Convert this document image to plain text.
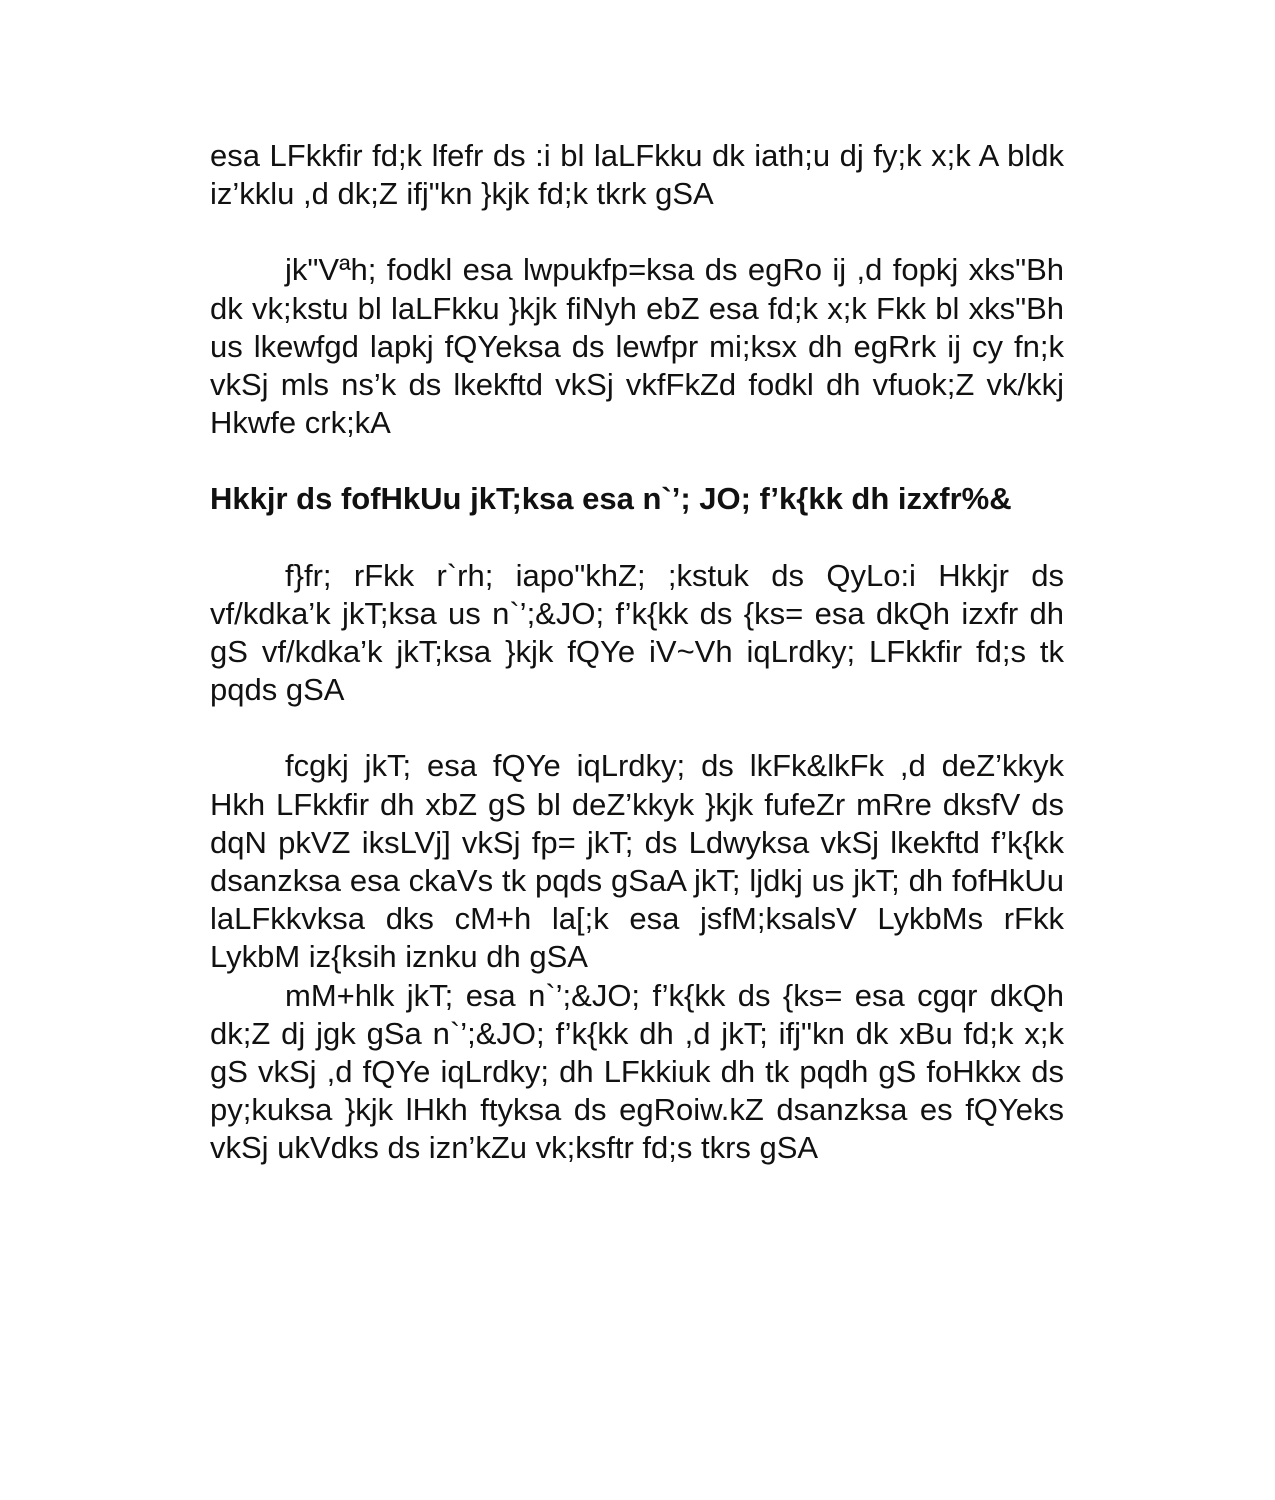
esa LFkkfir fd;k lfefr ds :i bl laLFkku dk iath;u dj fy;k x;k A bldk iz’kklu ,d dk;Z ifj"kn }kjk fd;k tkrk gSA

jk"Vªh; fodkl esa lwpukfp=ksa ds egRo ij ,d fopkj xks"Bh dk vk;kstu bl laLFkku }kjk fiNyh ebZ esa fd;k x;k Fkk bl xks"Bh us lkewfgd lapkj fQYeksa ds lewfpr mi;ksx dh egRrk ij cy fn;k vkSj mls ns’k ds lkekftd vkSj vkfFkZd fodkl dh vfuok;Z vk/kkj Hkwfe crk;kA

Hkkjr ds fofHkUu jkT;ksa esa n`’; JO; f’k{kk dh izxfr%&

f}fr; rFkk r`rh; iapo"khZ; ;kstuk ds QyLo:i Hkkjr ds vf/kdka’k jkT;ksa us n`’;&JO; f’k{kk ds {ks= esa dkQh izxfr dh gS vf/kdka’k jkT;ksa }kjk fQYe iV~Vh iqLrdky; LFkkfir fd;s tk pqds gSA

fcgkj jkT; esa fQYe iqLrdky; ds lkFk&lkFk ,d deZ’kkyk Hkh LFkkfir dh xbZ gS bl deZ’kkyk }kjk fufeZr mRre dksfV ds dqN pkVZ iksLVj] vkSj fp= jkT; ds Ldwyksa vkSj lkekftd f’k{kk dsanzksa esa ckaVs tk pqds gSaA jkT; ljdkj us jkT; dh fofHkUu laLFkkvksa dks cM+h la[;k esa jsfM;ksalsV LykbMs rFkk LykbM iz{ksih iznku dh gSA

mM+hlk jkT; esa n`’;&JO; f’k{kk ds {ks= esa cgqr dkQh dk;Z dj jgk gSa n`’;&JO; f’k{kk dh ,d jkT; ifj"kn dk xBu fd;k x;k gS vkSj ,d fQYe iqLrdky; dh LFkkiuk dh tk pqdh gS foHkkx ds py;kuksa }kjk lHkh ftyksa ds egRoiw.kZ dsanzksa es fQYeks vkSj ukVdks ds izn’kZu vk;ksftr fd;s tkrs gSA
